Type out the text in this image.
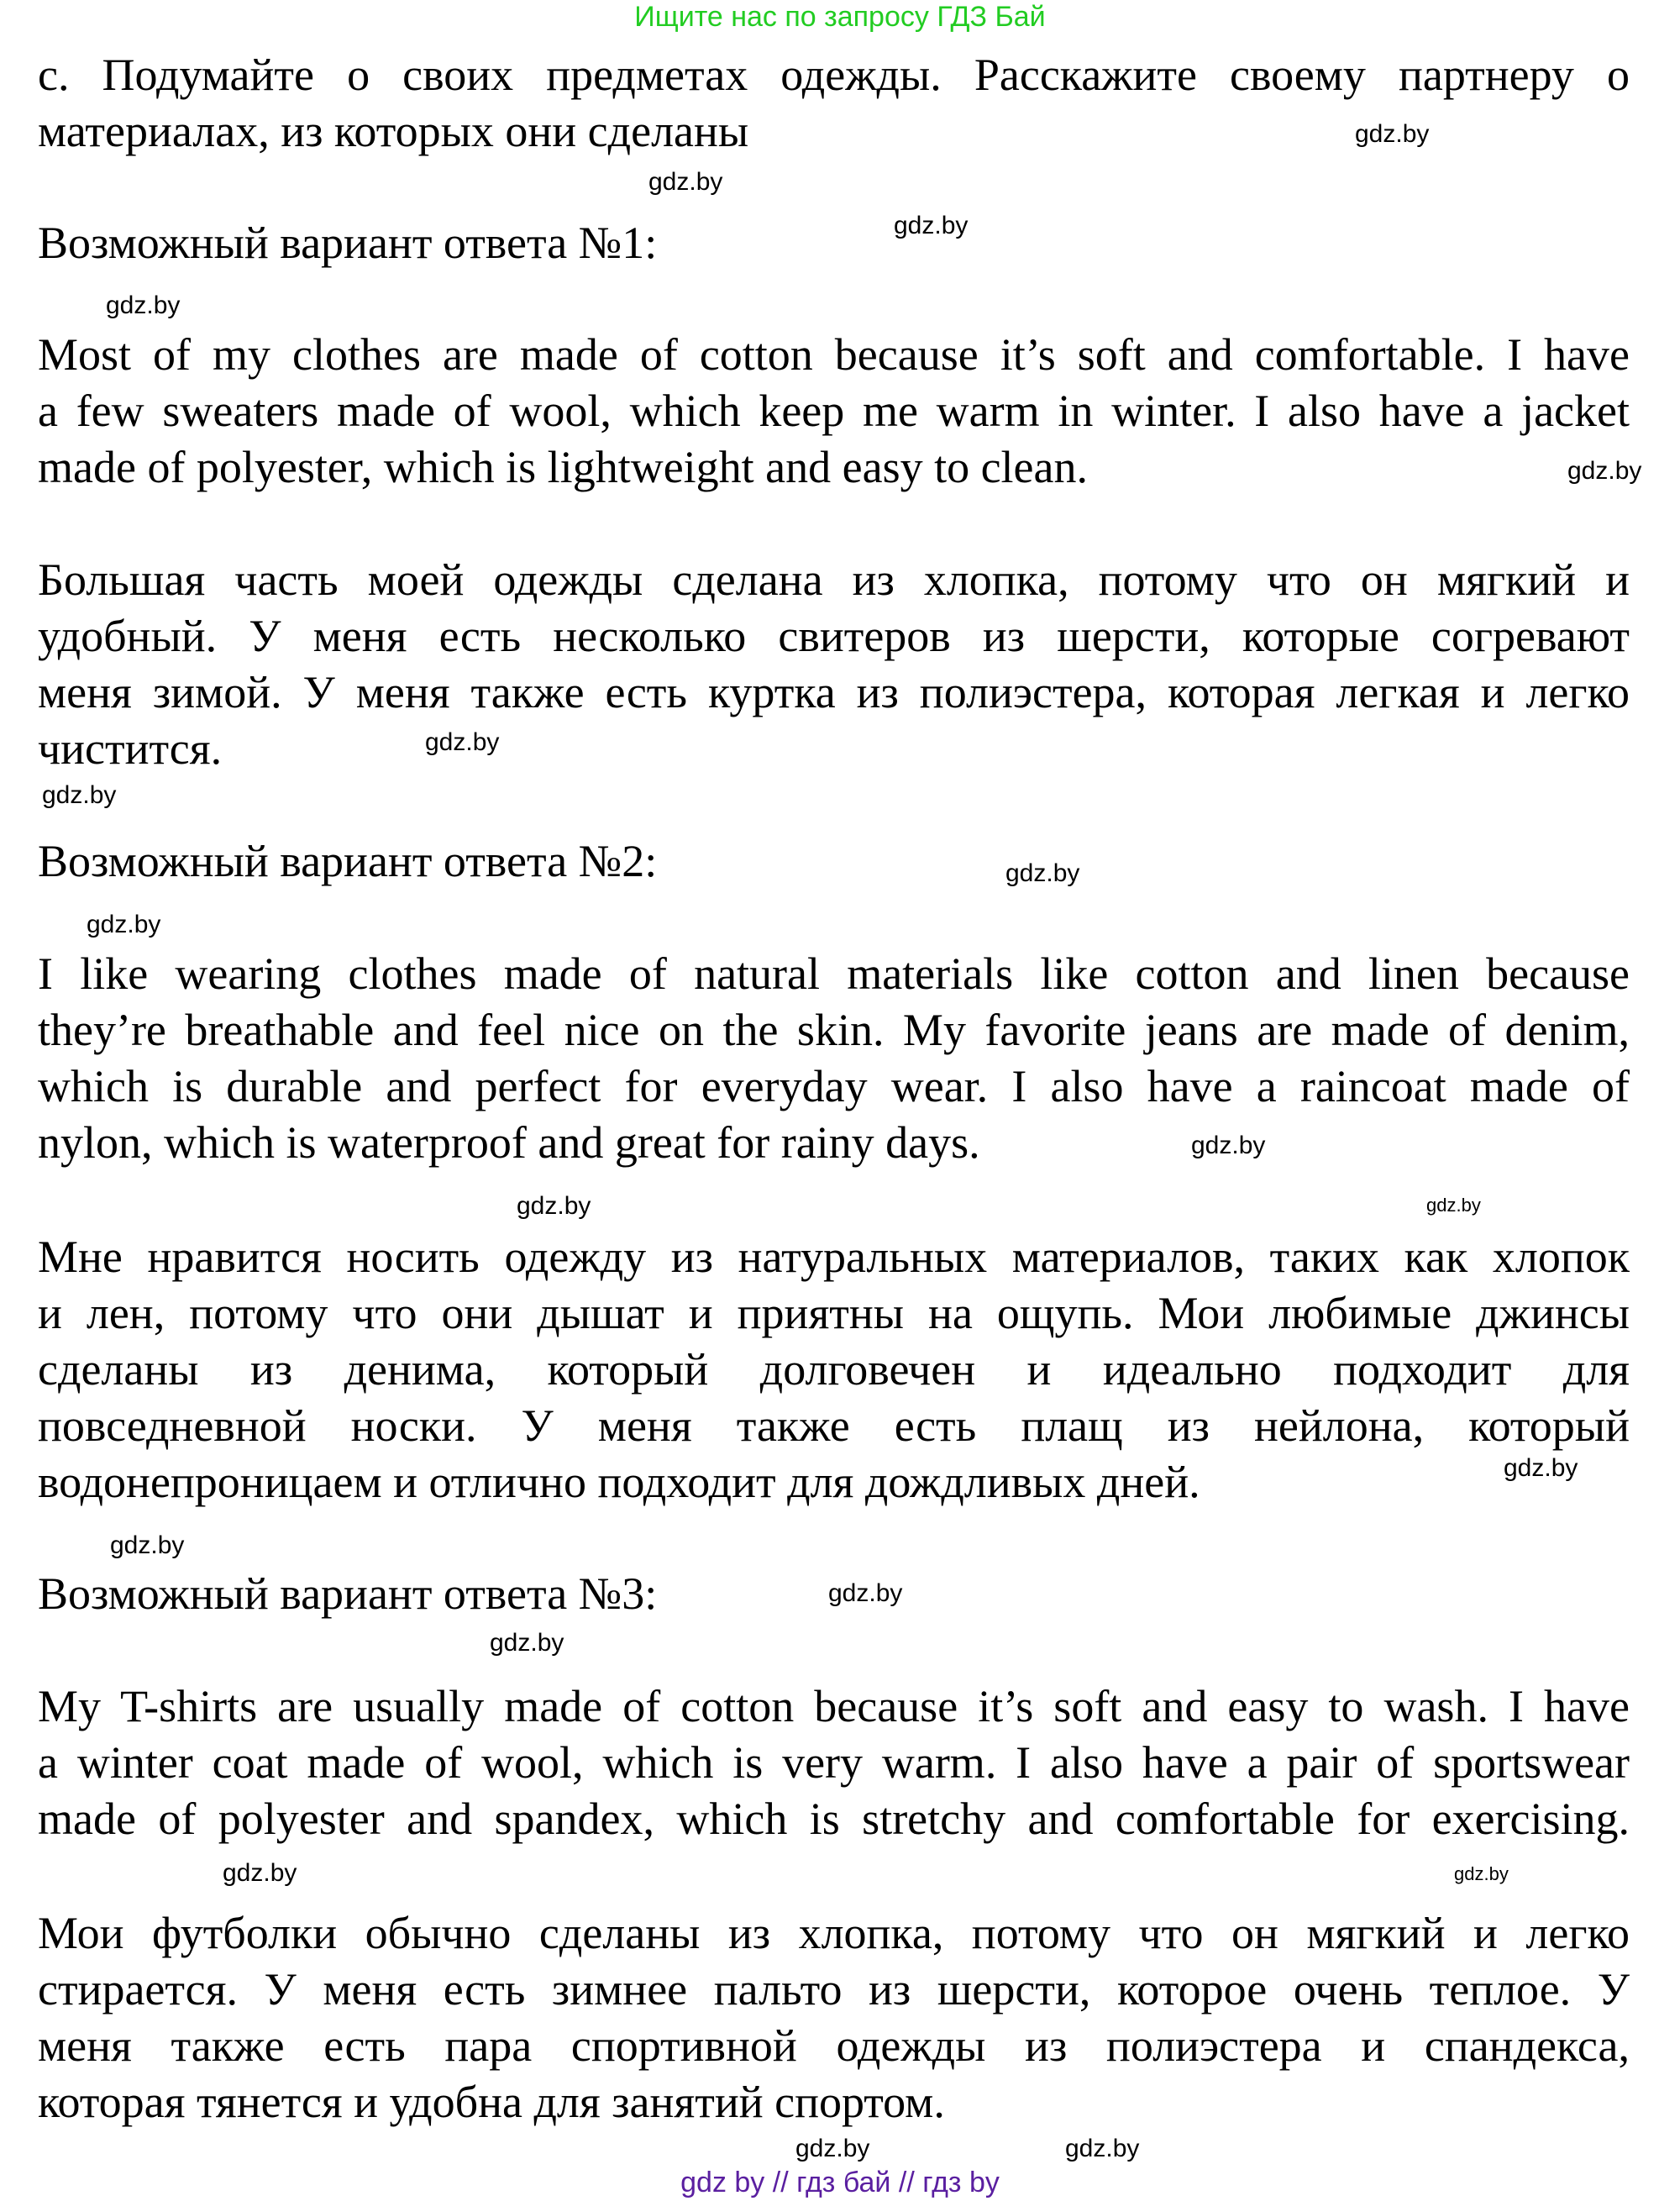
Ищите нас по запросу ГДЗ Бай
с. Подумайте о своих предметах одежды. Расскажите своему партнеру о
материалах, из которых они сделаны
Возможный вариант ответа №1:
Most of my clothes are made of cotton because it’s soft and comfortable. I have
a few sweaters made of wool, which keep me warm in winter. I also have a jacket
made of polyester, which is lightweight and easy to clean.
Большая часть моей одежды сделана из хлопка, потому что он мягкий и
удобный. У меня есть несколько свитеров из шерсти, которые согревают
меня зимой. У меня также есть куртка из полиэстера, которая легкая и легко
чистится.
Возможный вариант ответа №2:
I like wearing clothes made of natural materials like cotton and linen because
they’re breathable and feel nice on the skin. My favorite jeans are made of denim,
which is durable and perfect for everyday wear. I also have a raincoat made of
nylon, which is waterproof and great for rainy days.
Мне нравится носить одежду из натуральных материалов, таких как хлопок
и лен, потому что они дышат и приятны на ощупь. Мои любимые джинсы
сделаны из денима, который долговечен и идеально подходит для
повседневной носки. У меня также есть плащ из нейлона, который
водонепроницаем и отлично подходит для дождливых дней.
Возможный вариант ответа №3:
My T-shirts are usually made of cotton because it’s soft and easy to wash. I have
a winter coat made of wool, which is very warm. I also have a pair of sportswear
made of polyester and spandex, which is stretchy and comfortable for exercising.
Мои футболки обычно сделаны из хлопка, потому что он мягкий и легко
стирается. У меня есть зимнее пальто из шерсти, которое очень теплое. У
меня также есть пара спортивной одежды из полиэстера и спандекса,
которая тянется и удобна для занятий спортом.
gdz.by
gdz.by
gdz.by
gdz.by
gdz.by
gdz.by
gdz.by
gdz.by
gdz.by
gdz.by
gdz.by	gdz.by
gdz.by
gdz.by
gdz.by
gdz.by
gdz.by	gdz.by
gdz.by
gdz.by
gdz by // гдз бай // гдз by
